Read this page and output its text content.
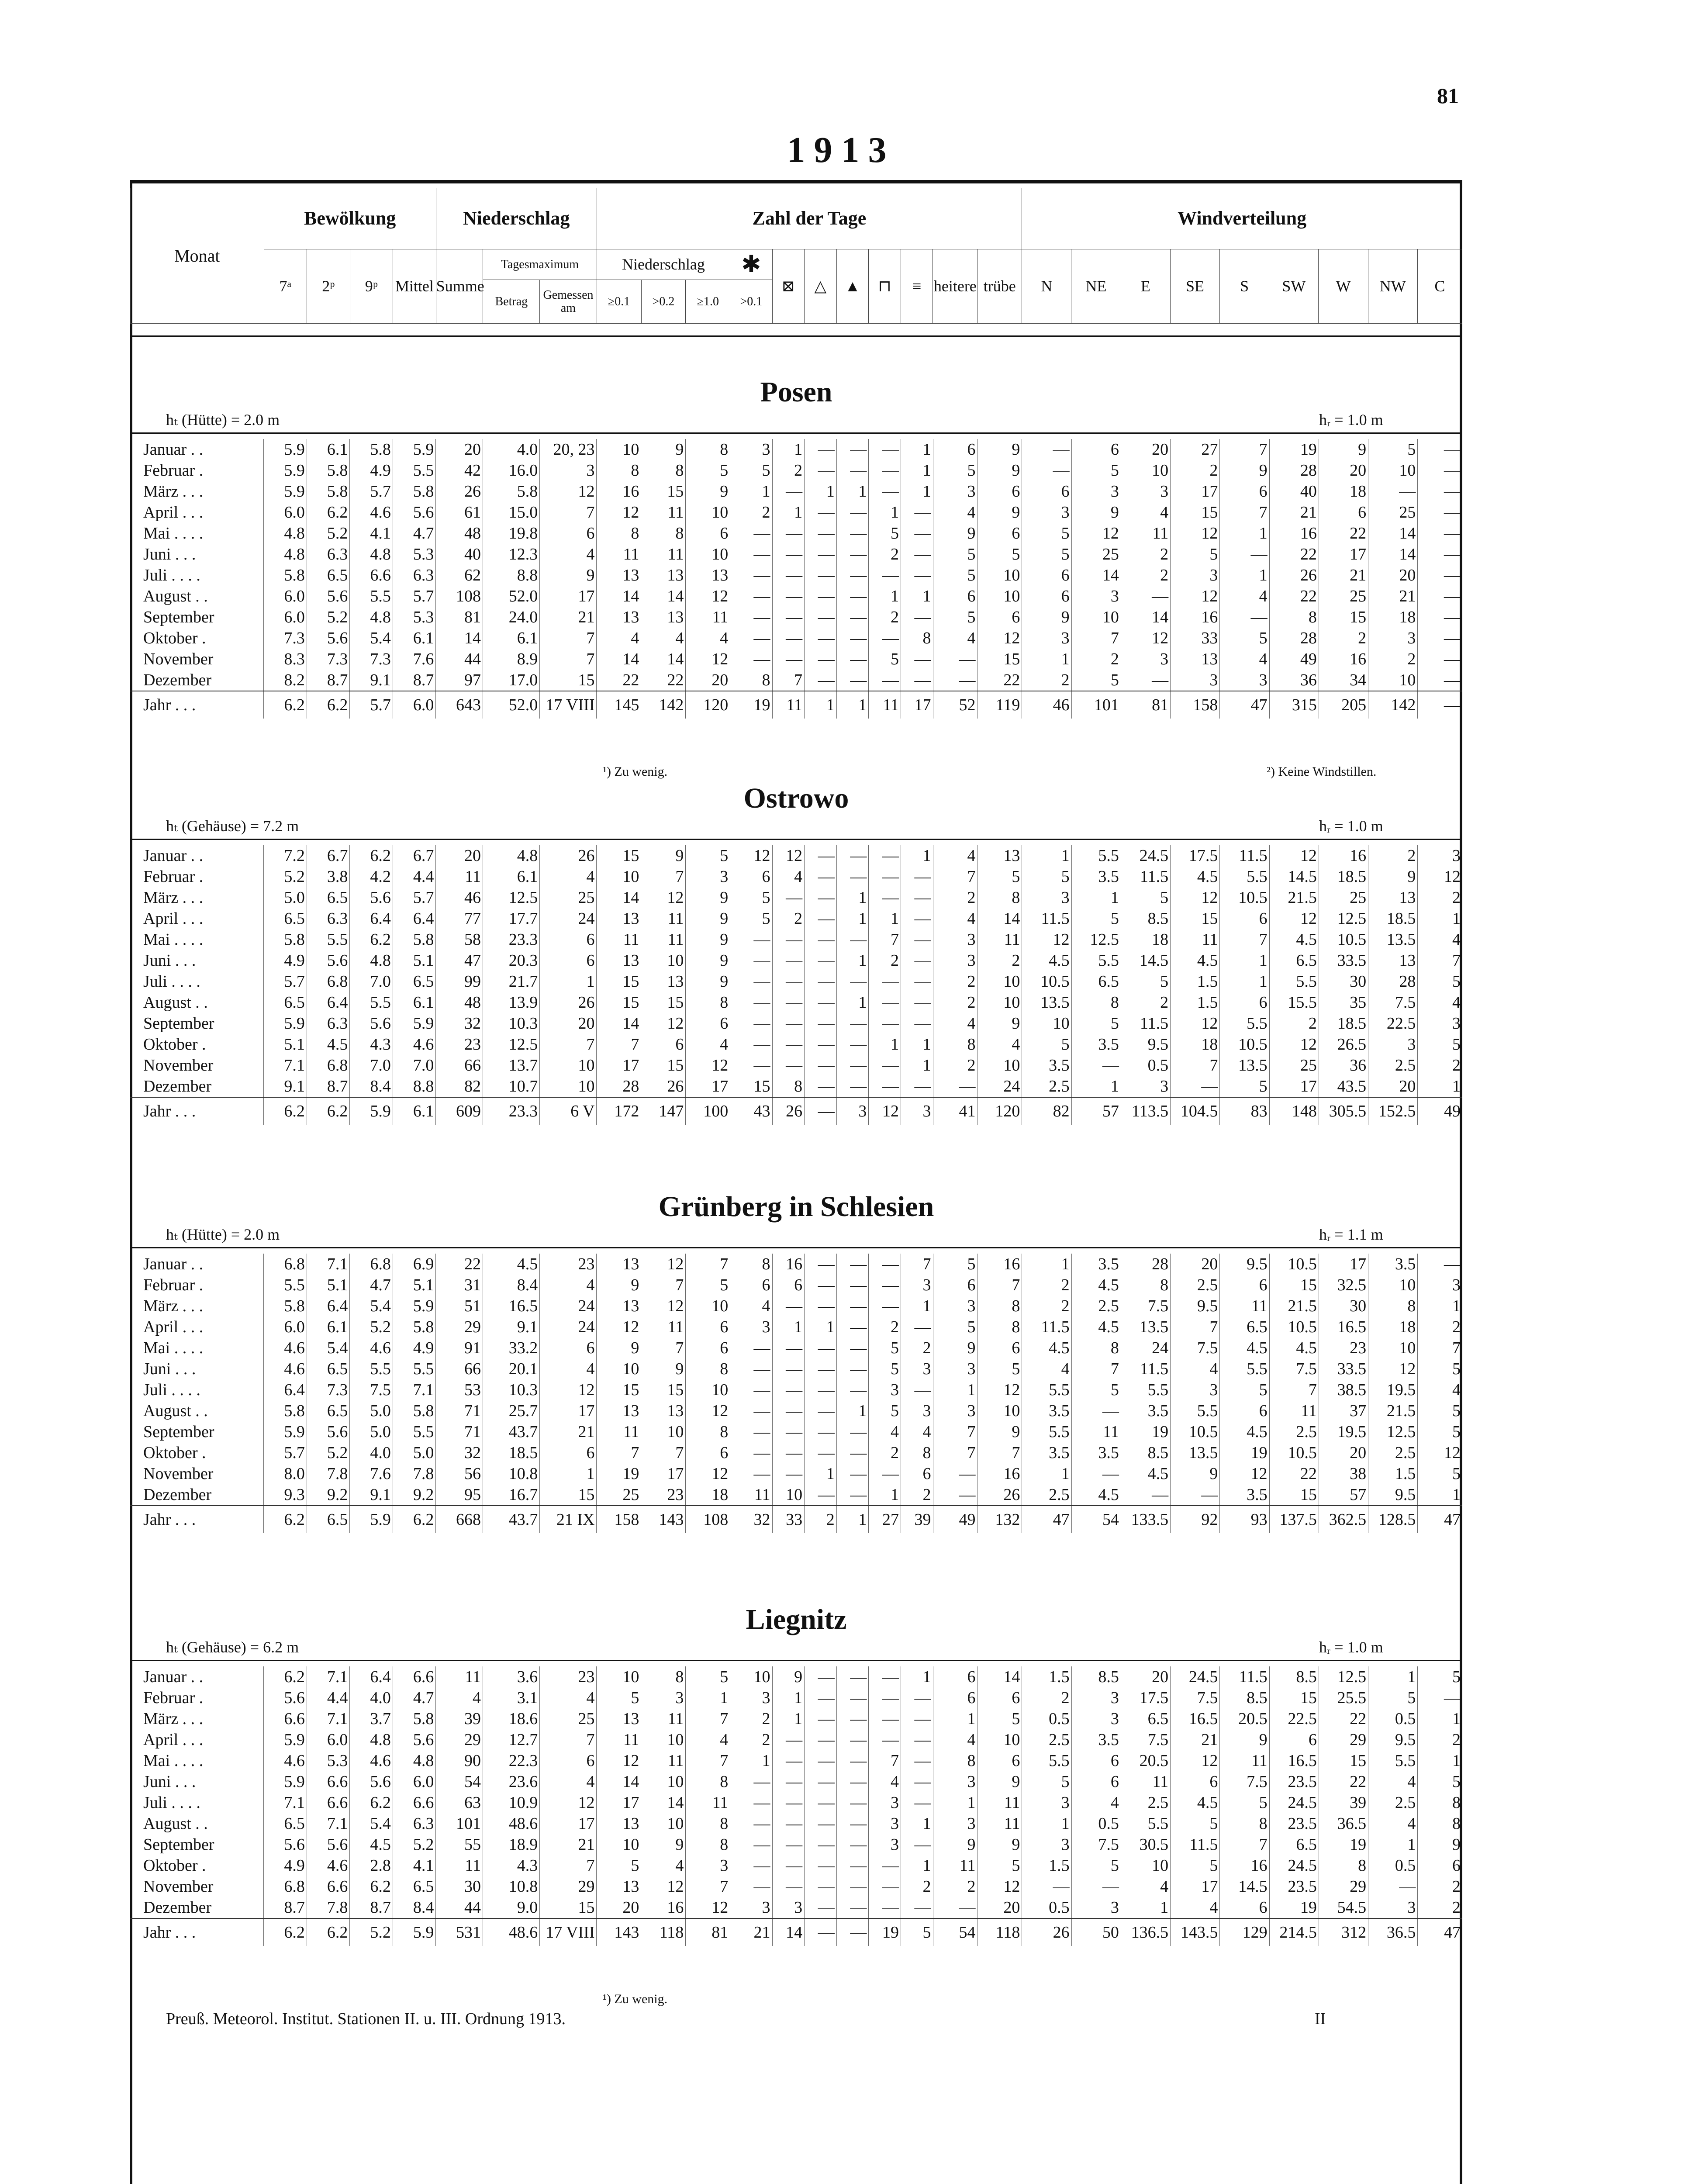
81
1913
Monat	Bewölkung				Niederschlag			Zahl der Tage											Windverteilung								
	7ᵃ	2ᵖ	9ᵖ	Mittel	Summe	Tagesmaximum		Niederschlag			✱	⊠	△	▲	⊓	≡	heitere	trübe	N	NE	E	SE	S	SW	W	NW	C
						Betrag	Gemessen am	≥0.1	>0.2	≥1.0	>0.1																
Posen
hₜ (Hütte) = 2.0 m	hᵣ = 1.0 m
Januar . .	5.9	6.1	5.8	5.9	20	4.0	20, 23	10	9	8	3	1	—	—	—	1	6	9	—	6	20	27	7	19	9	5	—
Februar .	5.9	5.8	4.9	5.5	42	16.0	3	8	8	5	5	2	—	—	—	1	5	9	—	5	10	2	9	28	20	10	—
März . . .	5.9	5.8	5.7	5.8	26	5.8	12	16	15	9	1	—	1	1	—	1	3	6	6	3	3	17	6	40	18	—	—
April . . .	6.0	6.2	4.6	5.6	61	15.0	7	12	11	10	2	1	—	—	1	—	4	9	3	9	4	15	7	21	6	25	—
Mai . . . .	4.8	5.2	4.1	4.7	48	19.8	6	8	8	6	—	—	—	—	5	—	9	6	5	12	11	12	1	16	22	14	—
Juni . . .	4.8	6.3	4.8	5.3	40	12.3	4	11	11	10	—	—	—	—	2	—	5	5	5	25	2	5	—	22	17	14	—
Juli . . . .	5.8	6.5	6.6	6.3	62	8.8	9	13	13	13	—	—	—	—	—	—	5	10	6	14	2	3	1	26	21	20	—
August . .	6.0	5.6	5.5	5.7	108	52.0	17	14	14	12	—	—	—	—	1	1	6	10	6	3	—	12	4	22	25	21	—
September	6.0	5.2	4.8	5.3	81	24.0	21	13	13	11	—	—	—	—	2	—	5	6	9	10	14	16	—	8	15	18	—
Oktober .	7.3	5.6	5.4	6.1	14	6.1	7	4	4	4	—	—	—	—	—	8	4	12	3	7	12	33	5	28	2	3	—
November	8.3	7.3	7.3	7.6	44	8.9	7	14	14	12	—	—	—	—	5	—	—	15	1	2	3	13	4	49	16	2	—
Dezember	8.2	8.7	9.1	8.7	97	17.0	15	22	22	20	8	7	—	—	—	—	—	22	2	5	—	3	3	36	34	10	—
Jahr . . .	6.2	6.2	5.7	6.0	643	52.0	17 VIII	145	142	120	19	11	1	1	11	17	52	119	46	101	81	158	47	315	205	142	—
¹) Zu wenig.	²) Keine Windstillen.
Ostrowo
hₜ (Gehäuse) = 7.2 m	hᵣ = 1.0 m
Januar . .	7.2	6.7	6.2	6.7	20	4.8	26	15	9	5	12	12	—	—	—	1	4	13	1	5.5	24.5	17.5	11.5	12	16	2	3
Februar .	5.2	3.8	4.2	4.4	11	6.1	4	10	7	3	6	4	—	—	—	—	7	5	5	3.5	11.5	4.5	5.5	14.5	18.5	9	12
März . . .	5.0	6.5	5.6	5.7	46	12.5	25	14	12	9	5	—	—	1	—	—	2	8	3	1	5	12	10.5	21.5	25	13	2
April . . .	6.5	6.3	6.4	6.4	77	17.7	24	13	11	9	5	2	—	1	1	—	4	14	11.5	5	8.5	15	6	12	12.5	18.5	1
Mai . . . .	5.8	5.5	6.2	5.8	58	23.3	6	11	11	9	—	—	—	—	7	—	3	11	12	12.5	18	11	7	4.5	10.5	13.5	4
Juni . . .	4.9	5.6	4.8	5.1	47	20.3	6	13	10	9	—	—	—	1	2	—	3	2	4.5	5.5	14.5	4.5	1	6.5	33.5	13	7
Juli . . . .	5.7	6.8	7.0	6.5	99	21.7	1	15	13	9	—	—	—	—	—	—	2	10	10.5	6.5	5	1.5	1	5.5	30	28	5
August . .	6.5	6.4	5.5	6.1	48	13.9	26	15	15	8	—	—	—	1	—	—	2	10	13.5	8	2	1.5	6	15.5	35	7.5	4
September	5.9	6.3	5.6	5.9	32	10.3	20	14	12	6	—	—	—	—	—	—	4	9	10	5	11.5	12	5.5	2	18.5	22.5	3
Oktober .	5.1	4.5	4.3	4.6	23	12.5	7	7	6	4	—	—	—	—	1	1	8	4	5	3.5	9.5	18	10.5	12	26.5	3	5
November	7.1	6.8	7.0	7.0	66	13.7	10	17	15	12	—	—	—	—	—	1	2	10	3.5	—	0.5	7	13.5	25	36	2.5	2
Dezember	9.1	8.7	8.4	8.8	82	10.7	10	28	26	17	15	8	—	—	—	—	—	24	2.5	1	3	—	5	17	43.5	20	1
Jahr . . .	6.2	6.2	5.9	6.1	609	23.3	6 V	172	147	100	43	26	—	3	12	3	41	120	82	57	113.5	104.5	83	148	305.5	152.5	49
Grünberg in Schlesien
hₜ (Hütte) = 2.0 m	hᵣ = 1.1 m
Januar . .	6.8	7.1	6.8	6.9	22	4.5	23	13	12	7	8	16	—	—	—	7	5	16	1	3.5	28	20	9.5	10.5	17	3.5	—
Februar .	5.5	5.1	4.7	5.1	31	8.4	4	9	7	5	6	6	—	—	—	3	6	7	2	4.5	8	2.5	6	15	32.5	10	3
März . . .	5.8	6.4	5.4	5.9	51	16.5	24	13	12	10	4	—	—	—	—	1	3	8	2	2.5	7.5	9.5	11	21.5	30	8	1
April . . .	6.0	6.1	5.2	5.8	29	9.1	24	12	11	6	3	1	1	—	2	—	5	8	11.5	4.5	13.5	7	6.5	10.5	16.5	18	2
Mai . . . .	4.6	5.4	4.6	4.9	91	33.2	6	9	7	6	—	—	—	—	5	2	9	6	4.5	8	24	7.5	4.5	4.5	23	10	7
Juni . . .	4.6	6.5	5.5	5.5	66	20.1	4	10	9	8	—	—	—	—	5	3	3	5	4	7	11.5	4	5.5	7.5	33.5	12	5
Juli . . . .	6.4	7.3	7.5	7.1	53	10.3	12	15	15	10	—	—	—	—	3	—	1	12	5.5	5	5.5	3	5	7	38.5	19.5	4
August . .	5.8	6.5	5.0	5.8	71	25.7	17	13	13	12	—	—	—	1	5	3	3	10	3.5	—	3.5	5.5	6	11	37	21.5	5
September	5.9	5.6	5.0	5.5	71	43.7	21	11	10	8	—	—	—	—	4	4	7	9	5.5	11	19	10.5	4.5	2.5	19.5	12.5	5
Oktober .	5.7	5.2	4.0	5.0	32	18.5	6	7	7	6	—	—	—	—	2	8	7	7	3.5	3.5	8.5	13.5	19	10.5	20	2.5	12
November	8.0	7.8	7.6	7.8	56	10.8	1	19	17	12	—	—	1	—	—	6	—	16	1	—	4.5	9	12	22	38	1.5	5
Dezember	9.3	9.2	9.1	9.2	95	16.7	15	25	23	18	11	10	—	—	1	2	—	26	2.5	4.5	—	—	3.5	15	57	9.5	1
Jahr . . .	6.2	6.5	5.9	6.2	668	43.7	21 IX	158	143	108	32	33	2	1	27	39	49	132	47	54	133.5	92	93	137.5	362.5	128.5	47
Liegnitz
hₜ (Gehäuse) = 6.2 m	hᵣ = 1.0 m
Januar . .	6.2	7.1	6.4	6.6	11	3.6	23	10	8	5	10	9	—	—	—	1	6	14	1.5	8.5	20	24.5	11.5	8.5	12.5	1	5
Februar .	5.6	4.4	4.0	4.7	4	3.1	4	5	3	1	3	1	—	—	—	—	6	6	2	3	17.5	7.5	8.5	15	25.5	5	—
März . . .	6.6	7.1	3.7	5.8	39	18.6	25	13	11	7	2	1	—	—	—	—	1	5	0.5	3	6.5	16.5	20.5	22.5	22	0.5	1
April . . .	5.9	6.0	4.8	5.6	29	12.7	7	11	10	4	2	—	—	—	—	—	4	10	2.5	3.5	7.5	21	9	6	29	9.5	2
Mai . . . .	4.6	5.3	4.6	4.8	90	22.3	6	12	11	7	1	—	—	—	7	—	8	6	5.5	6	20.5	12	11	16.5	15	5.5	1
Juni . . .	5.9	6.6	5.6	6.0	54	23.6	4	14	10	8	—	—	—	—	4	—	3	9	5	6	11	6	7.5	23.5	22	4	5
Juli . . . .	7.1	6.6	6.2	6.6	63	10.9	12	17	14	11	—	—	—	—	3	—	1	11	3	4	2.5	4.5	5	24.5	39	2.5	8
August . .	6.5	7.1	5.4	6.3	101	48.6	17	13	10	8	—	—	—	—	3	1	3	11	1	0.5	5.5	5	8	23.5	36.5	4	8
September	5.6	5.6	4.5	5.2	55	18.9	21	10	9	8	—	—	—	—	3	—	9	9	3	7.5	30.5	11.5	7	6.5	19	1	9
Oktober .	4.9	4.6	2.8	4.1	11	4.3	7	5	4	3	—	—	—	—	—	1	11	5	1.5	5	10	5	16	24.5	8	0.5	6
November	6.8	6.6	6.2	6.5	30	10.8	29	13	12	7	—	—	—	—	—	2	2	12	—	—	4	17	14.5	23.5	29	—	2
Dezember	8.7	7.8	8.7	8.4	44	9.0	15	20	16	12	3	3	—	—	—	—	—	20	0.5	3	1	4	6	19	54.5	3	2
Jahr . . .	6.2	6.2	5.2	5.9	531	48.6	17 VIII	143	118	81	21	14	—	—	19	5	54	118	26	50	136.5	143.5	129	214.5	312	36.5	47
¹) Zu wenig.
Preuß. Meteorol. Institut. Stationen II. u. III. Ordnung 1913.	II
